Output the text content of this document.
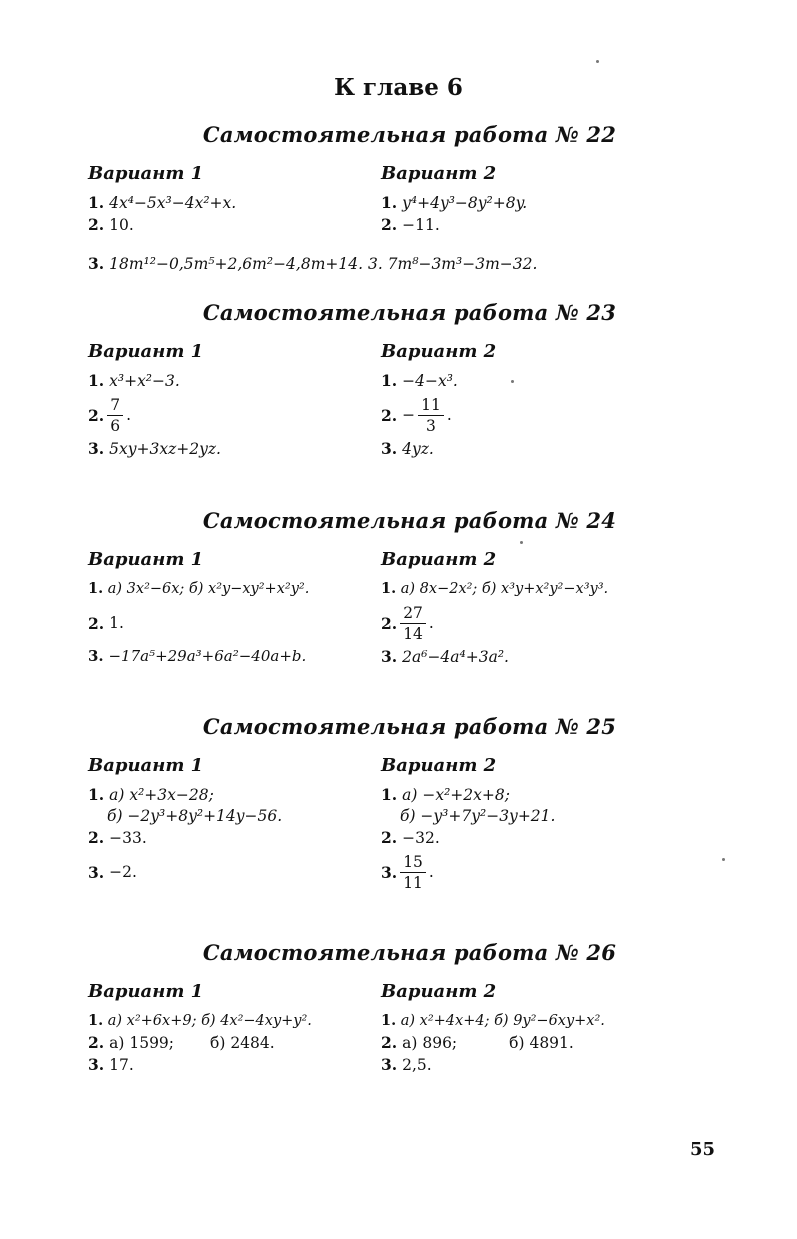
К главе 6
Самостоятельная работа № 22
Вариант 1
1. 4x⁴−5x³−4x²+x.
2. 10.
Вариант 2
1. y⁴+4y³−8y²+8y.
2. −11.
3. 18m¹²−0,5m⁵+2,6m²−4,8m+14. 3. 7m⁸−3m³−3m−32.
Самостоятельная работа № 23
Вариант 1
1. x³+x²−3.
2. $\frac{7}{6}$ .
3. 5xy+3xz+2yz.
Вариант 2
1. −4−x³.
2.
− $\frac{11}{3}$ .
3. 4yz.
Самостоятельная работа № 24
Вариант 1
1. а) 3x²−6x; б) x²y−xy²+x²y².
2.
1.
3. −17a⁵+29a³+6a²−40a+b.
Вариант 2
1. а) 8x−2x²; б) x³y+x²y²−x³y³.
2. $\frac{27}{14}$ .
3. 2a⁶−4a⁴+3a².
Самостоятельная работа № 25
Вариант 1
1. а) x²+3x−28;
б) −2y³+8y²+14y−56.
2. −33.
3.
−2.
Вариант 2
1. а) −x²+2x+8;
б) −y³+7y²−3y+21.
2. −32.
3. $\frac{15}{11}$ .
Самостоятельная работа № 26
Вариант 1
1. а) x²+6x+9; б) 4x²−4xy+y².
2. а) 1599; б) 2484.
3. 17.
Вариант 2
1. а) x²+4x+4; б) 9y²−6xy+x².
2. а) 896;	б) 4891.
3. 2,5.
55
